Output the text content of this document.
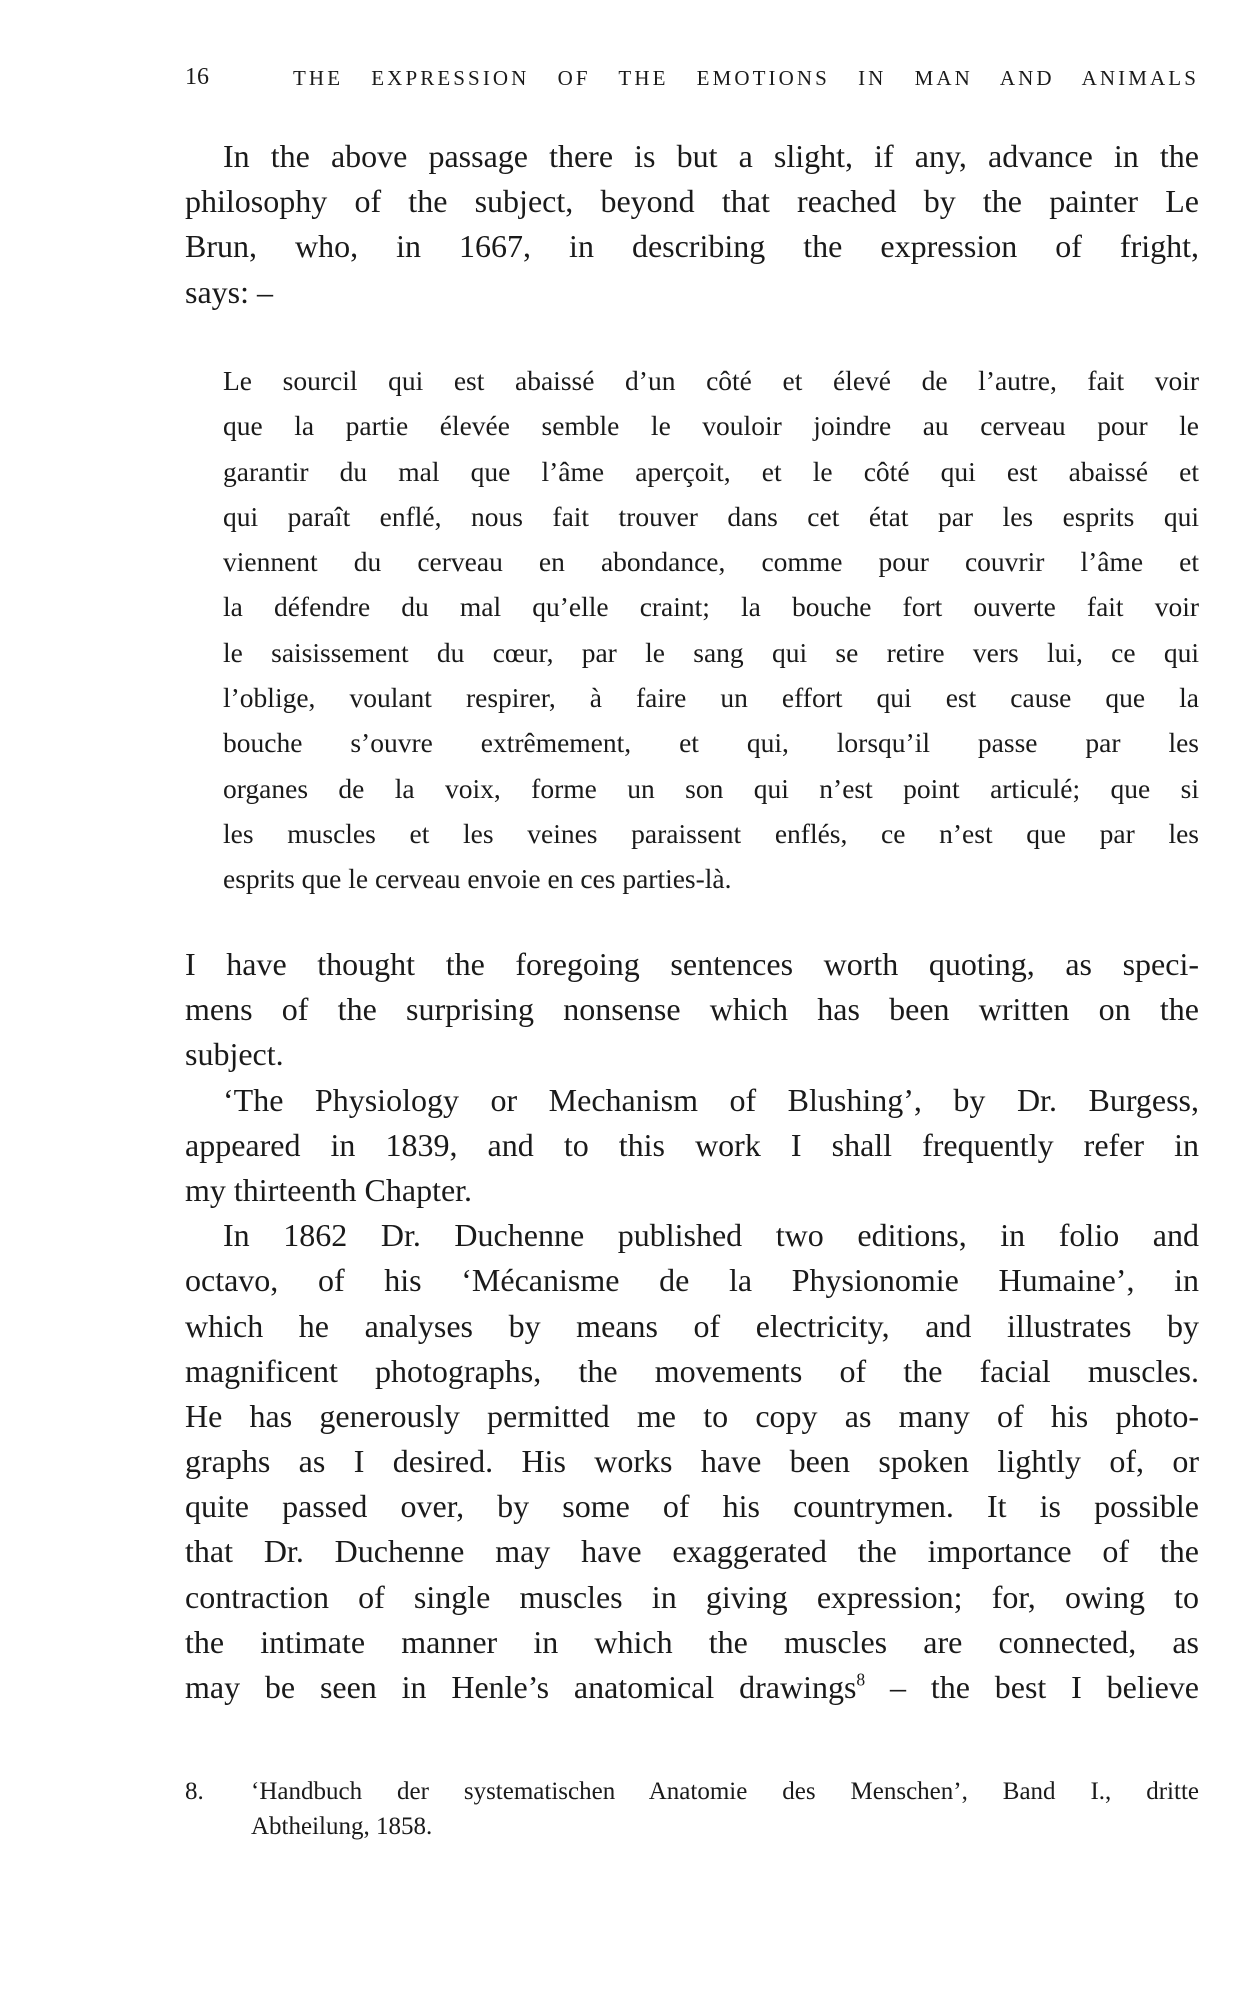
16	THE EXPRESSION OF THE EMOTIONS IN MAN AND ANIMALS
In the above passage there is but a slight, if any, advance in the
philosophy of the subject, beyond that reached by the painter Le
Brun, who, in 1667, in describing the expression of fright,
says: –
Le sourcil qui est abaissé d’un côté et élevé de l’autre, fait voir
que la partie élevée semble le vouloir joindre au cerveau pour le
garantir du mal que l’âme aperçoit, et le côté qui est abaissé et
qui paraît enflé, nous fait trouver dans cet état par les esprits qui
viennent du cerveau en abondance, comme pour couvrir l’âme et
la défendre du mal qu’elle craint; la bouche fort ouverte fait voir
le saisissement du cœur, par le sang qui se retire vers lui, ce qui
l’oblige, voulant respirer, à faire un effort qui est cause que la
bouche s’ouvre extrêmement, et qui, lorsqu’il passe par les
organes de la voix, forme un son qui n’est point articulé; que si
les muscles et les veines paraissent enflés, ce n’est que par les
esprits que le cerveau envoie en ces parties-là.
I have thought the foregoing sentences worth quoting, as speci-
mens of the surprising nonsense which has been written on the
subject.
‘The Physiology or Mechanism of Blushing’, by Dr. Burgess,
appeared in 1839, and to this work I shall frequently refer in
my thirteenth Chapter.
In 1862 Dr. Duchenne published two editions, in folio and
octavo, of his ‘Mécanisme de la Physionomie Humaine’, in
which he analyses by means of electricity, and illustrates by
magnificent photographs, the movements of the facial muscles.
He has generously permitted me to copy as many of his photo-
graphs as I desired. His works have been spoken lightly of, or
quite passed over, by some of his countrymen. It is possible
that Dr. Duchenne may have exaggerated the importance of the
contraction of single muscles in giving expression; for, owing to
the intimate manner in which the muscles are connected, as
may be seen in Henle’s anatomical drawings$^8$ – the best I believe
8. ‘Handbuch der systematischen Anatomie des Menschen’, Band I., dritte
Abtheilung, 1858.
